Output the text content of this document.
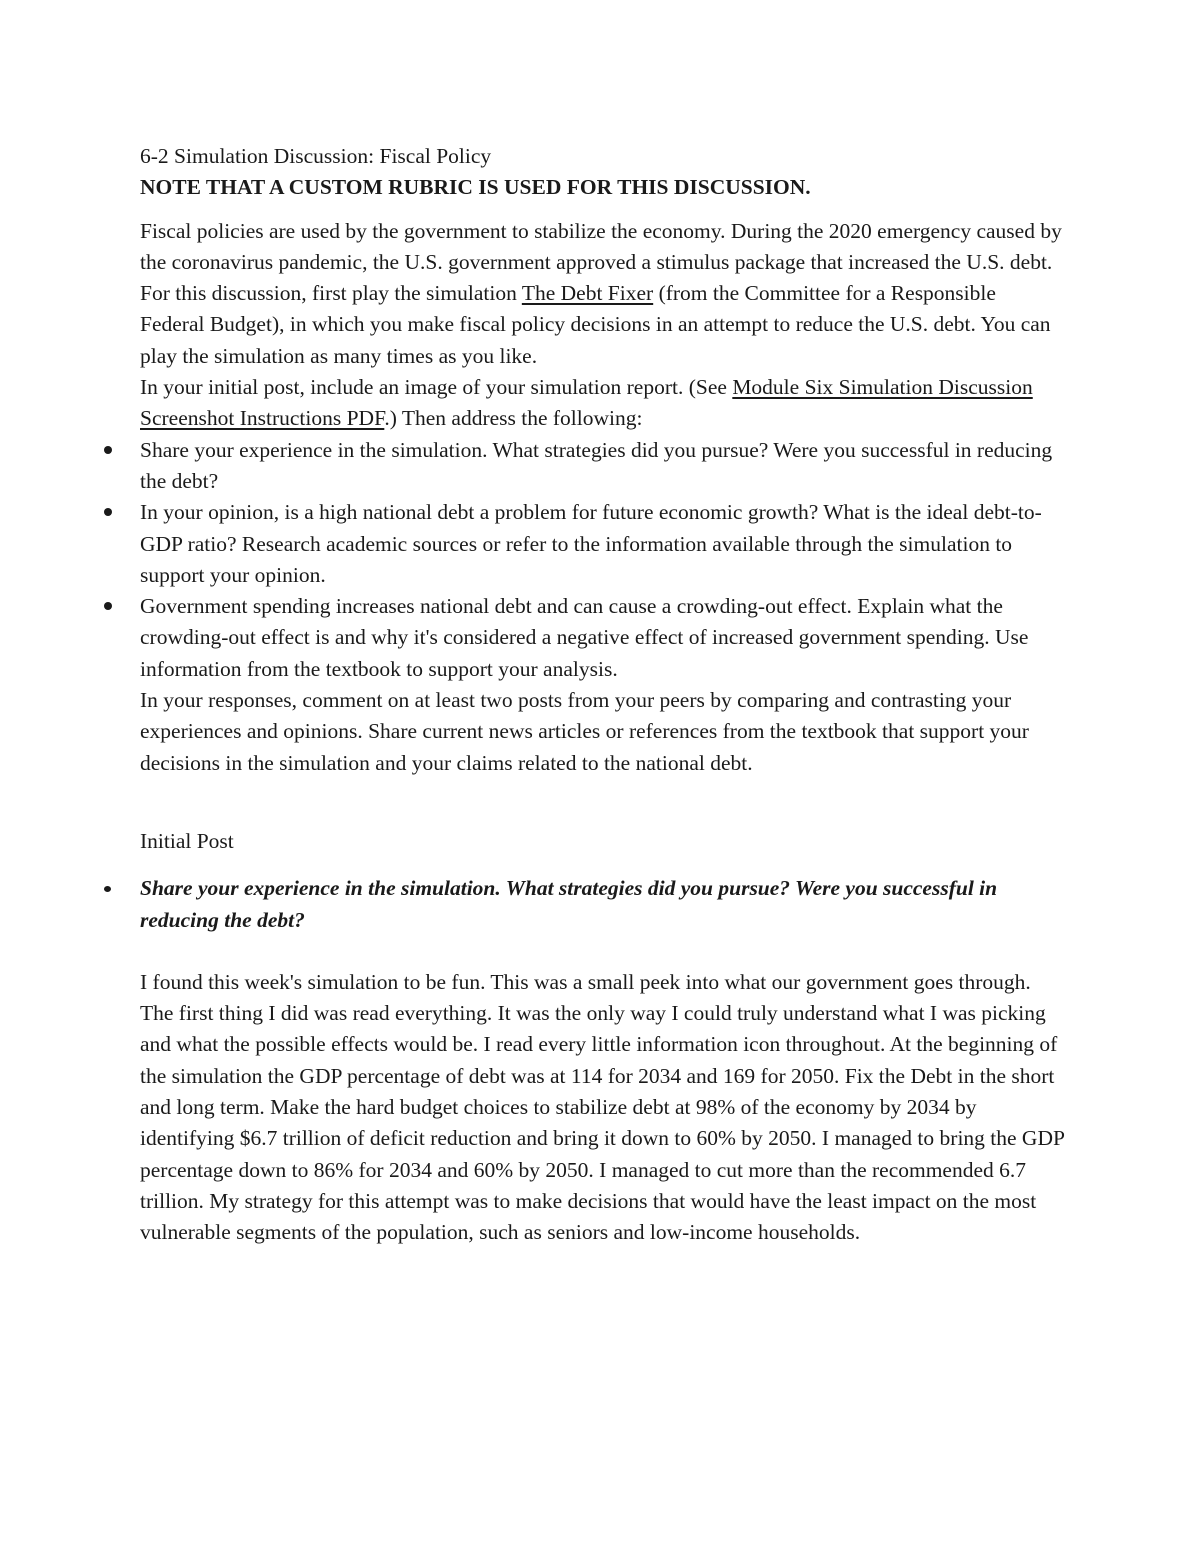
6-2 Simulation Discussion: Fiscal Policy

NOTE THAT A CUSTOM RUBRIC IS USED FOR THIS DISCUSSION.

Fiscal policies are used by the government to stabilize the economy. During the 2020 emergency caused by the coronavirus pandemic, the U.S. government approved a stimulus package that increased the U.S. debt.

For this discussion, first play the simulation The Debt Fixer (from the Committee for a Responsible Federal Budget), in which you make fiscal policy decisions in an attempt to reduce the U.S. debt. You can play the simulation as many times as you like.

In your initial post, include an image of your simulation report. (See Module Six Simulation Discussion Screenshot Instructions PDF.) Then address the following:

Share your experience in the simulation. What strategies did you pursue? Were you successful in reducing the debt?
In your opinion, is a high national debt a problem for future economic growth? What is the ideal debt-to-GDP ratio? Research academic sources or refer to the information available through the simulation to support your opinion.
Government spending increases national debt and can cause a crowding-out effect. Explain what the crowding-out effect is and why it's considered a negative effect of increased government spending. Use information from the textbook to support your analysis.

In your responses, comment on at least two posts from your peers by comparing and contrasting your experiences and opinions. Share current news articles or references from the textbook that support your decisions in the simulation and your claims related to the national debt.

Initial Post

Share your experience in the simulation. What strategies did you pursue? Were you successful in reducing the debt?

I found this week's simulation to be fun. This was a small peek into what our government goes through. The first thing I did was read everything. It was the only way I could truly understand what I was picking and what the possible effects would be. I read every little information icon throughout. At the beginning of the simulation the GDP percentage of debt was at 114 for 2034 and 169 for 2050. Fix the Debt in the short and long term. Make the hard budget choices to stabilize debt at 98% of the economy by 2034 by identifying $6.7 trillion of deficit reduction and bring it down to 60% by 2050. I managed to bring the GDP percentage down to 86% for 2034 and 60% by 2050. I managed to cut more than the recommended 6.7 trillion. My strategy for this attempt was to make decisions that would have the least impact on the most vulnerable segments of the population, such as seniors and low-income households.
